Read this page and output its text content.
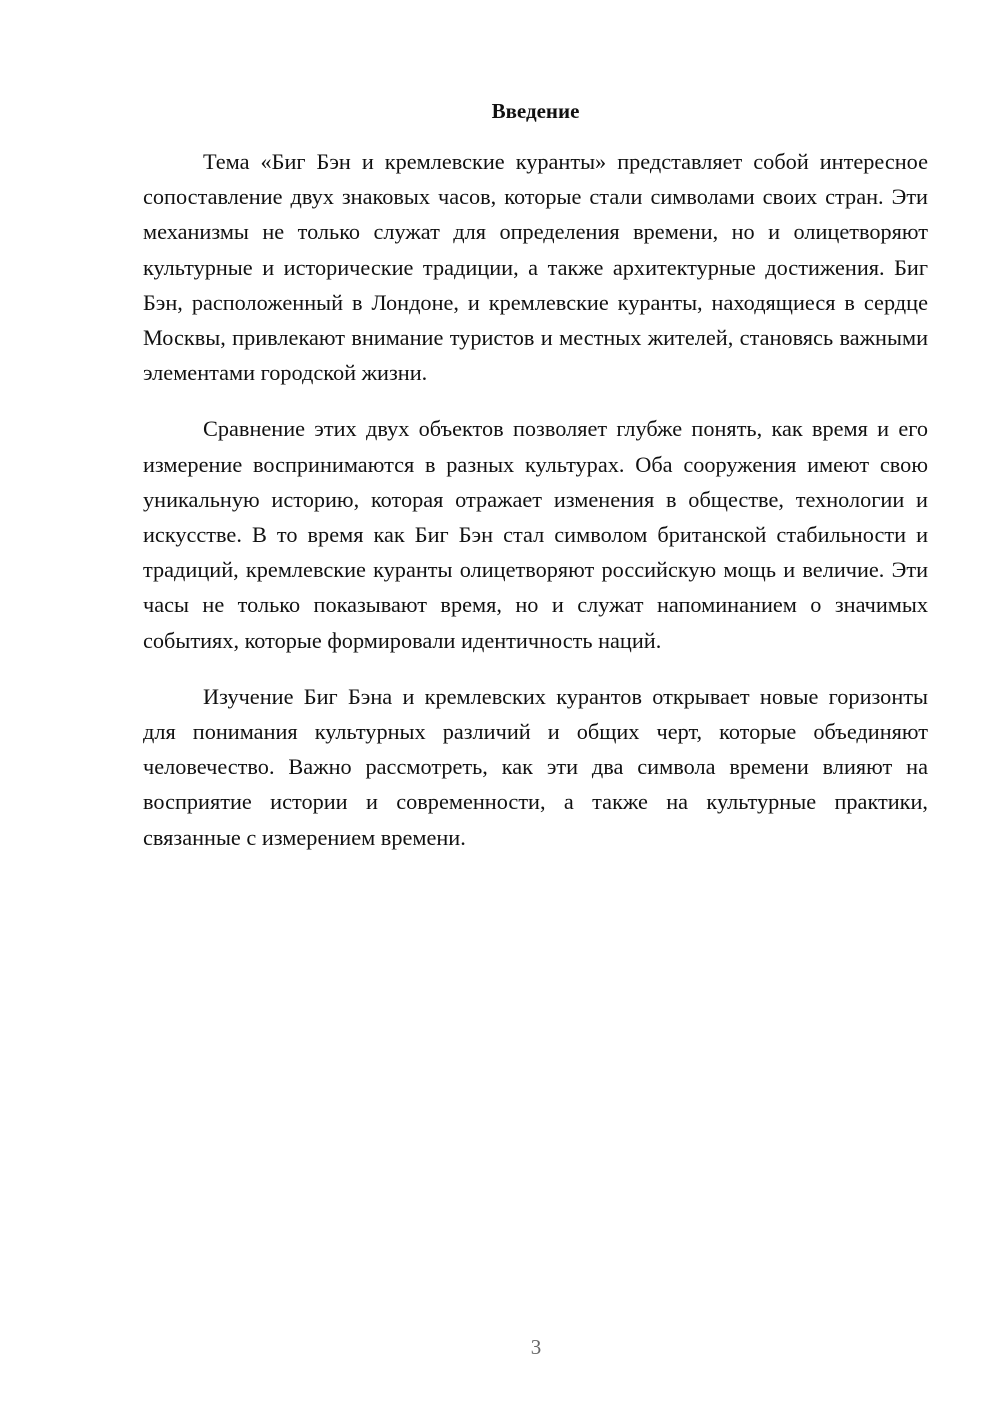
Введение

Тема «Биг Бэн и кремлевские куранты» представляет собой интересное сопоставление двух знаковых часов, которые стали символами своих стран. Эти механизмы не только служат для определения времени, но и олицетворяют культурные и исторические традиции, а также архитектурные достижения. Биг Бэн, расположенный в Лондоне, и кремлевские куранты, находящиеся в сердце Москвы, привлекают внимание туристов и местных жителей, становясь важными элементами городской жизни.

Сравнение этих двух объектов позволяет глубже понять, как время и его измерение воспринимаются в разных культурах. Оба сооружения имеют свою уникальную историю, которая отражает изменения в обществе, технологии и искусстве. В то время как Биг Бэн стал символом британской стабильности и традиций, кремлевские куранты олицетворяют российскую мощь и величие. Эти часы не только показывают время, но и служат напоминанием о значимых событиях, которые формировали идентичность наций.

Изучение Биг Бэна и кремлевских курантов открывает новые горизонты для понимания культурных различий и общих черт, которые объединяют человечество. Важно рассмотреть, как эти два символа времени влияют на восприятие истории и современности, а также на культурные практики, связанные с измерением времени.

3
